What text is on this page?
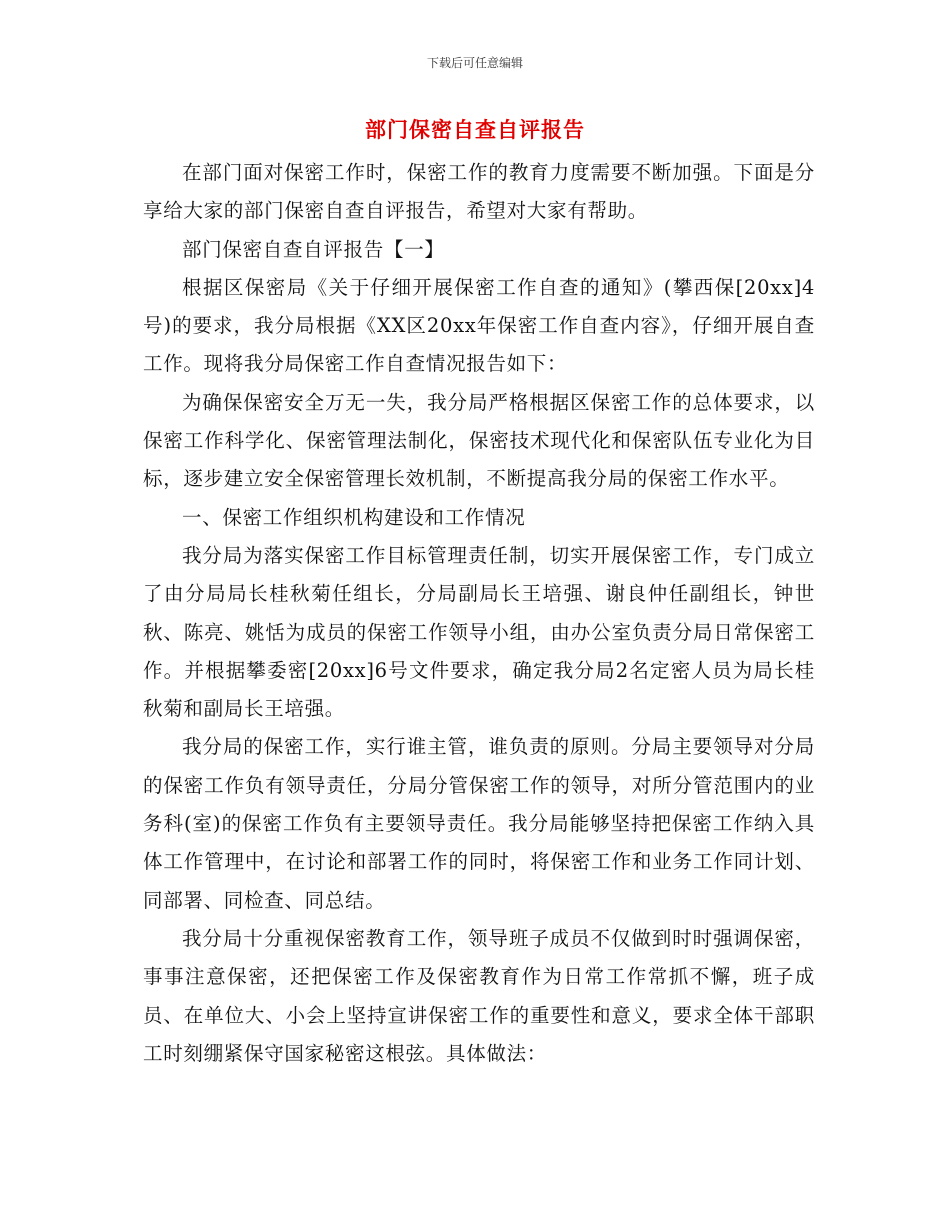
下载后可任意编辑
部门保密自查自评报告

在部门面对保密工作时，保密工作的教育力度需要不断加强。下面是分享给大家的部门保密自查自评报告，希望对大家有帮助。

部门保密自查自评报告【一】

根据区保密局《关于仔细开展保密工作自查的通知》(攀西保[20xx]4号)的要求，我分局根据《XX区20xx年保密工作自查内容》，仔细开展自查工作。现将我分局保密工作自查情况报告如下：

为确保保密安全万无一失，我分局严格根据区保密工作的总体要求，以保密工作科学化、保密管理法制化，保密技术现代化和保密队伍专业化为目标，逐步建立安全保密管理长效机制，不断提高我分局的保密工作水平。

一、保密工作组织机构建设和工作情况

我分局为落实保密工作目标管理责任制，切实开展保密工作，专门成立了由分局局长桂秋菊任组长，分局副局长王培强、谢良仲任副组长，钟世秋、陈亮、姚恬为成员的保密工作领导小组，由办公室负责分局日常保密工作。并根据攀委密[20xx]6号文件要求，确定我分局2名定密人员为局长桂秋菊和副局长王培强。

我分局的保密工作，实行谁主管，谁负责的原则。分局主要领导对分局的保密工作负有领导责任，分局分管保密工作的领导，对所分管范围内的业务科(室)的保密工作负有主要领导责任。我分局能够坚持把保密工作纳入具体工作管理中，在讨论和部署工作的同时，将保密工作和业务工作同计划、同部署、同检查、同总结。

我分局十分重视保密教育工作，领导班子成员不仅做到时时强调保密，事事注意保密，还把保密工作及保密教育作为日常工作常抓不懈，班子成员、在单位大、小会上坚持宣讲保密工作的重要性和意义，要求全体干部职工时刻绷紧保守国家秘密这根弦。具体做法：
